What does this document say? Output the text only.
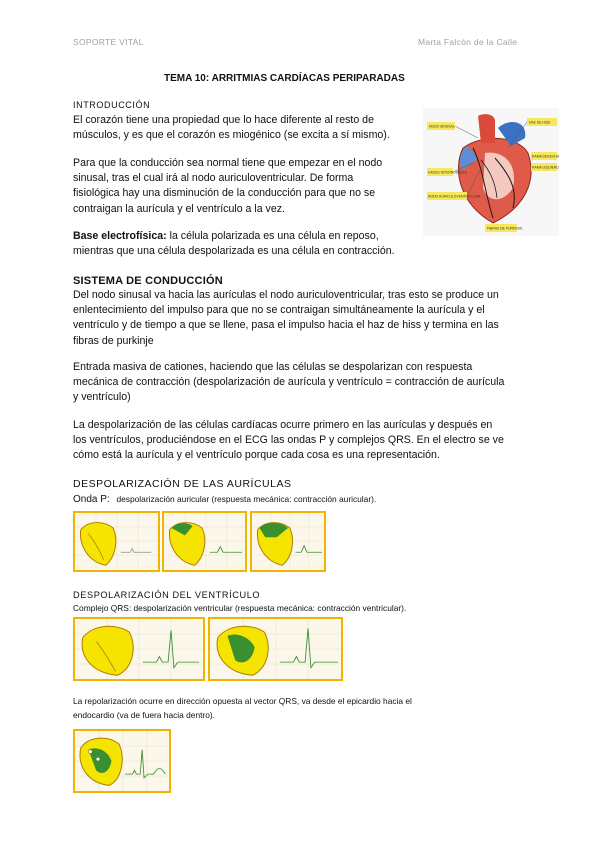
SOPORTE VITAL	Marta Falcón de la Calle
TEMA 10: ARRITMIAS CARDÍACAS PERIPARADAS
INTRODUCCIÓN
El corazón tiene una propiedad que lo hace diferente al resto de
músculos, y es que el corazón es miogénico (se excita a sí mismo).
Para que la conducción sea normal tiene que empezar en el nodo
sinusal, tras el cual irá al nodo auriculoventricular. De forma
fisiológica hay una disminución de la conducción para que no se
contraigan la aurícula y el ventrículo a la vez.
Base electrofísica: la célula polarizada es una célula en reposo,
mientras que una célula despolarizada es una célula en contracción.
NODO SINUSAL
HAZ DE HISS
RAMA DERECHA
RAMA IZQUIERDA
HACES INTERNODALES
NODO AURICULOVENTRICULAR
FIBRAS DE PURKINJE
SISTEMA DE CONDUCCIÓN
Del nodo sinusal va hacia las aurículas el nodo auriculoventricular, tras esto se produce un
enlentecimiento del impulso para que no se contraigan simultáneamente la aurícula y el
ventrículo y de tiempo a que se llene, pasa el impulso hacia el haz de hiss y termina en las
fibras de purkinje
Entrada masiva de cationes, haciendo que las células se despolarizan con respuesta
mecánica de contracción (despolarización de aurícula y ventrículo = contracción de aurícula
y ventrículo)
La despolarización de las células cardíacas ocurre primero en las aurículas y después en
los ventrículos, produciéndose en el ECG las ondas P y complejos QRS. En el electro se ve
cómo está la aurícula y el ventrículo porque cada cosa es una representación.
DESPOLARIZACIÓN DE LAS AURÍCULAS
Onda P: despolarización auricular (respuesta mecánica: contracción auricular).
DESPOLARIZACIÓN DEL VENTRÍCULO
Complejo QRS: despolarización ventricular (respuesta mecánica: contracción ventricular).
La repolarización ocurre en dirección opuesta al vector QRS, va desde el epicardio hacia el
endocardio (va de fuera hacia dentro).
